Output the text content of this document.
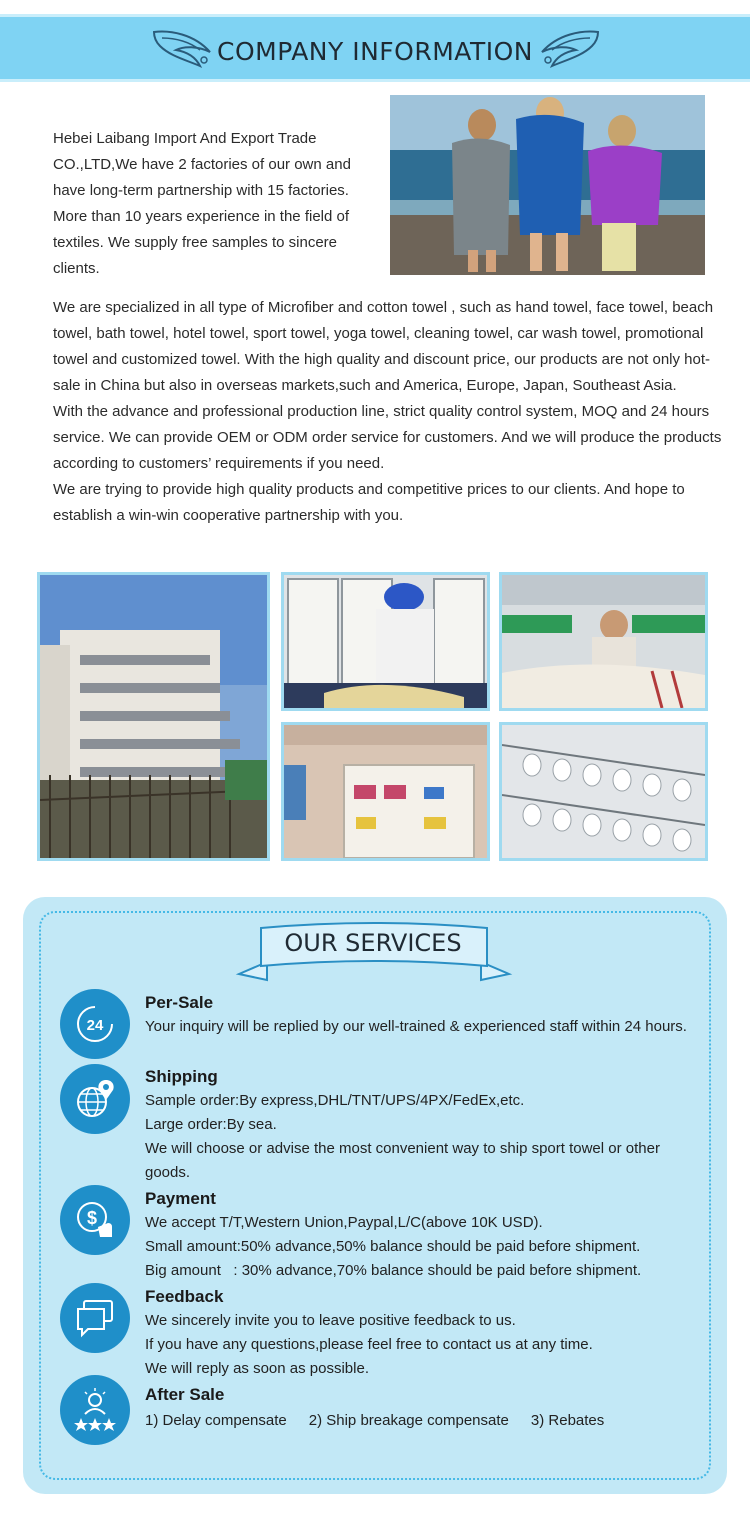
COMPANY INFORMATION
Hebei Laibang Import And Export Trade CO.,LTD,We have 2 factories of our own and have long-term partnership with 15 factories. More than 10 years experience in the field of textiles. We supply free samples to sincere clients.

We are specialized in all type of Microfiber and cotton towel , such as hand towel, face towel, beach towel, bath towel, hotel towel, sport towel, yoga towel, cleaning towel, car wash towel, promotional towel and customized towel. With the high quality and discount price, our products are not only hot-sale in China but also in overseas markets,such and America, Europe, Japan, Southeast Asia.

With the advance and professional production line, strict quality control system, MOQ and 24 hours service. We can provide OEM or ODM order service for customers. And we will produce the products according to customers’ requirements if you need.

We are trying to provide high quality products and competitive prices to our clients. And hope to establish a win-win cooperative partnership with you.

OUR SERVICES
24
Per-Sale
Your inquiry will be replied by our well-trained & experienced staff within 24 hours.
Shipping
Sample order:By express,DHL/TNT/UPS/4PX/FedEx,etc.
Large order:By sea.
We will choose or advise the most convenient way to ship sport towel or other goods.
$
Payment
We accept T/T,Western Union,Paypal,L/C(above 10K USD).
Small amount:50% advance,50% balance should be paid before shipment.
Big amount   : 30% advance,70% balance should be paid before shipment.
Feedback
We sincerely invite you to leave positive feedback to us.
If you have any questions,please feel free to contact us at any time.
We will reply as soon as possible.
After Sale
1) Delay compensate 2) Ship breakage compensate 3) Rebates
